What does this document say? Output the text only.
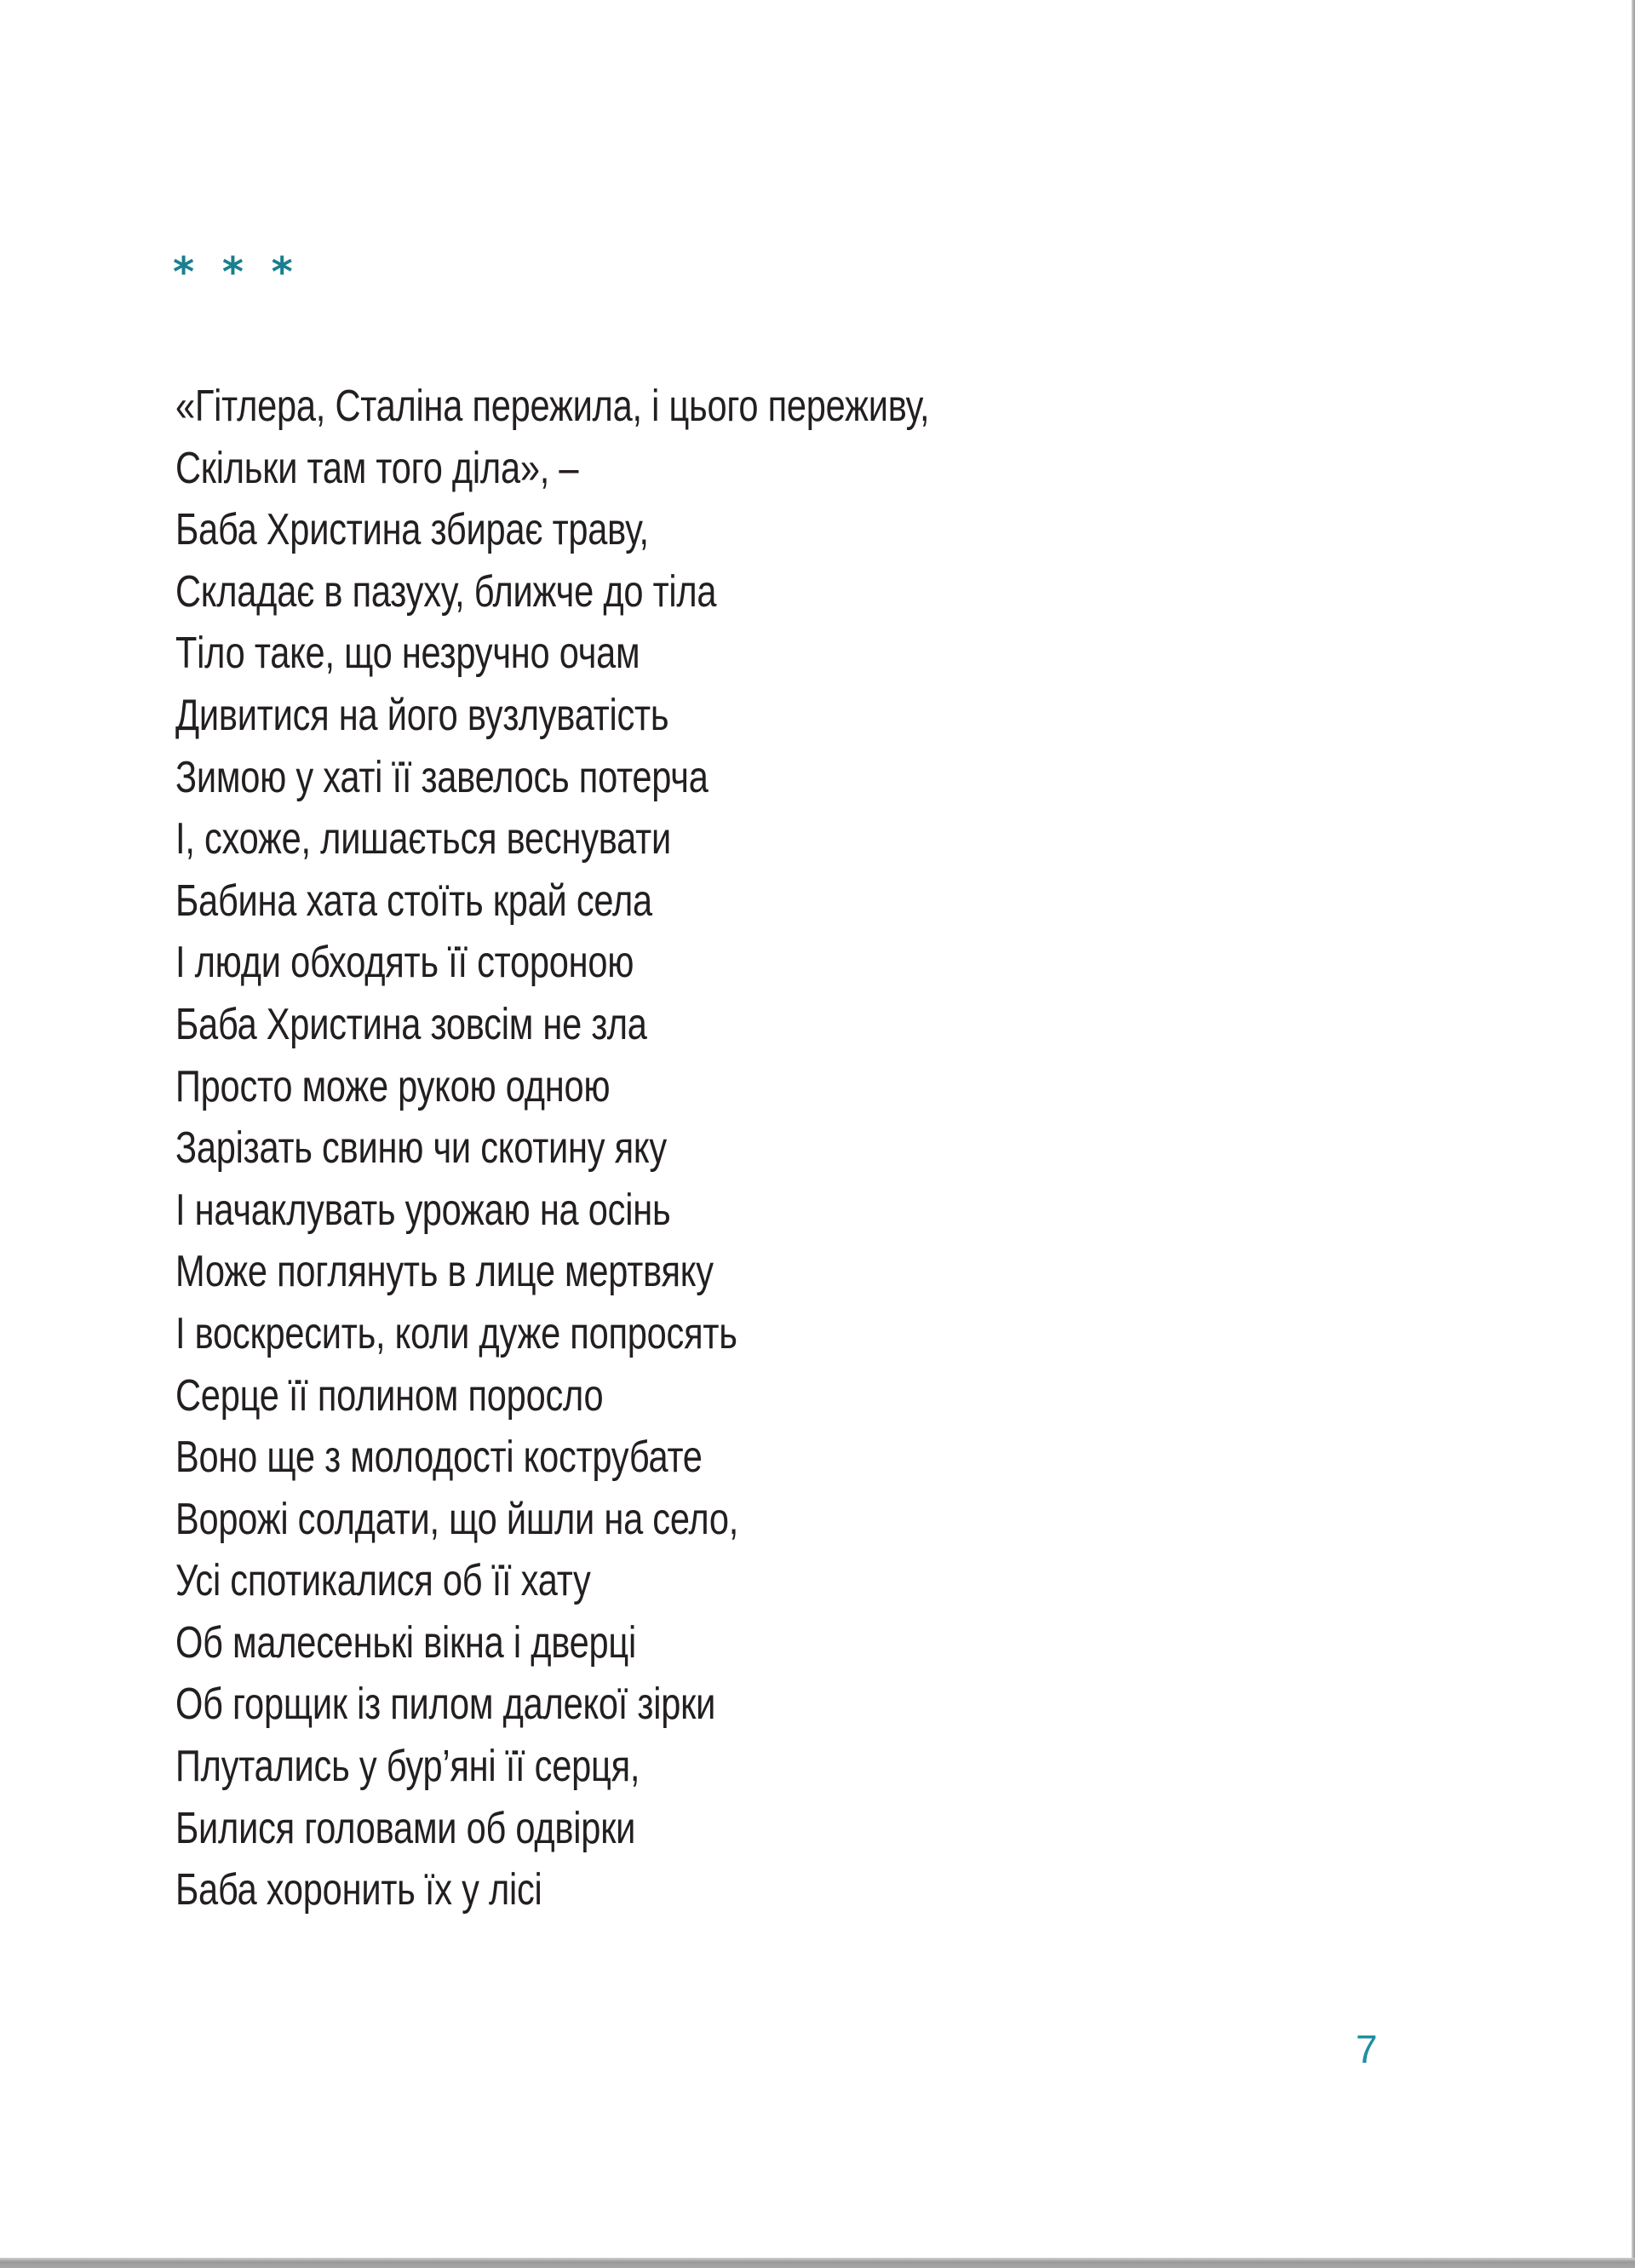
* * *
«Гітлера, Сталіна пережила, і цього переживу,
Скільки там того діла», –
Баба Христина збирає траву,
Складає в пазуху, ближче до тіла
Тіло таке, що незручно очам
Дивитися на його вузлуватість
Зимою у хаті її завелось потерча
І, схоже, лишається веснувати
Бабина хата стоїть край села
І люди обходять її стороною
Баба Христина зовсім не зла
Просто може рукою одною
Зарізать свиню чи скотину яку
І начаклувать урожаю на осінь
Може поглянуть в лице мертвяку
І воскресить, коли дуже попросять
Серце її полином поросло
Воно ще з молодості кострубате
Ворожі солдати, що йшли на село,
Усі спотикалися об її хату
Об малесенькі вікна і дверці
Об горщик із пилом далекої зірки
Плутались у бур’яні її серця,
Билися головами об одвірки
Баба хоронить їх у лісі
7
